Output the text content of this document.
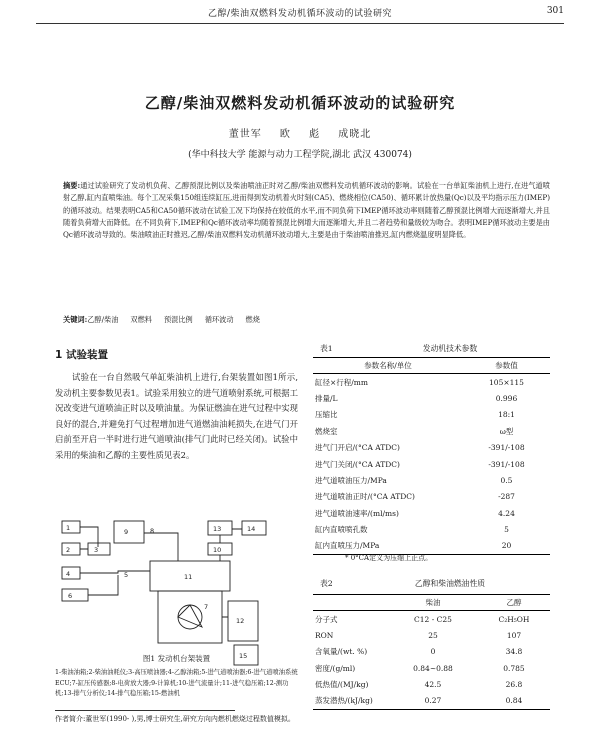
乙醇/柴油双燃料发动机循环波动的试验研究	301
乙醇/柴油双燃料发动机循环波动的试验研究
董世军 欧 彪 成晓北
(华中科技大学 能源与动力工程学院,湖北 武汉 430074)
摘要:通过试验研究了发动机负荷、乙醇预混比例以及柴油喷油正时对乙醇/柴油双燃料发动机循环波动的影响。试验在一台单缸柴油机上进行,在进气道喷射乙醇,缸内直喷柴油。每个工况采集150组连续缸压,进而得到发动机着火时刻(CA5)、燃烧相位(CA50)、循环累计放热量(Qc)以及平均指示压力(IMEP)的循环波动。结果表明CA5和CA50循环波动在试验工况下均保持在较低的水平,而不同负荷下IMEP循环波动率则随着乙醇预混比例增大而逐渐增大,并且随着负荷增大而降低。在不同负荷下,IMEP和Qc循环波动率均随着预混比例增大而逐渐增大,并且二者趋势和量级较为吻合。表明IMEP循环波动主要是由Qc循环波动导致的。柴油喷油正时推迟,乙醇/柴油双燃料发动机循环波动增大,主要是由于柴油喷油推迟,缸内燃烧温度明显降低。
关键词:乙醇/柴油 双燃料 预混比例 循环波动 燃烧
1 试验装置
试验在一台自然吸气单缸柴油机上进行,台架装置如图1所示,发动机主要参数见表1。试验采用独立的进气道喷射系统,可根据工况改变进气道喷油正时以及喷油量。为保证燃油在进气过程中实现良好的混合,并避免打气过程增加进气道燃油油耗损失,在进气门开启前至开启一半时进行进气道喷油(排气门此时已经关闭)。试验中采用的柴油和乙醇的主要性质见表2。
1
2	3
4	5
6
7
8
9
10
11
12
13	14
15
图1 发动机台架装置
1-柴油油箱;2-柴油油耗仪;3-高压喷油器;4-乙醇油箱;5-进气道喷油器;6-进气道喷油系统ECU;7-缸压传感器;8-电荷放大器;9-计算机;10-进气流量计;11-进气稳压箱;12-测功机;13-排气分析仪;14-排气稳压箱;15-燃油机
表1	发动机技术参数
参数名称/单位	参数值
缸径×行程/mm	105×115
排量/L	0.996
压缩比	18:1
燃烧室	ω型
进气门开启/(°CA ATDC)	-391/-108
进气门关闭/(°CA ATDC)	-391/-108
进气道喷油压力/MPa	0.5
进气道喷油正时/(°CA ATDC)	-287
进气道喷油速率/(ml/ms)	4.24
缸内直喷喷孔数	5
缸内直喷压力/MPa	20
* 0°CA定义为压缩上止点。
表2	乙醇和柴油燃油性质
	柴油	乙醇
分子式	C12 - C25	C₂H₅OH
RON	25	107
含氧量/(wt. %)	0	34.8
密度/(g/ml)	0.84~0.88	0.785
低热值/(MJ/kg)	42.5	26.8
蒸发潜热/(kJ/kg)	0.27	0.84
作者简介:董世军(1990- ),男,博士研究生,研究方向内燃机燃烧过程数值模拟。
